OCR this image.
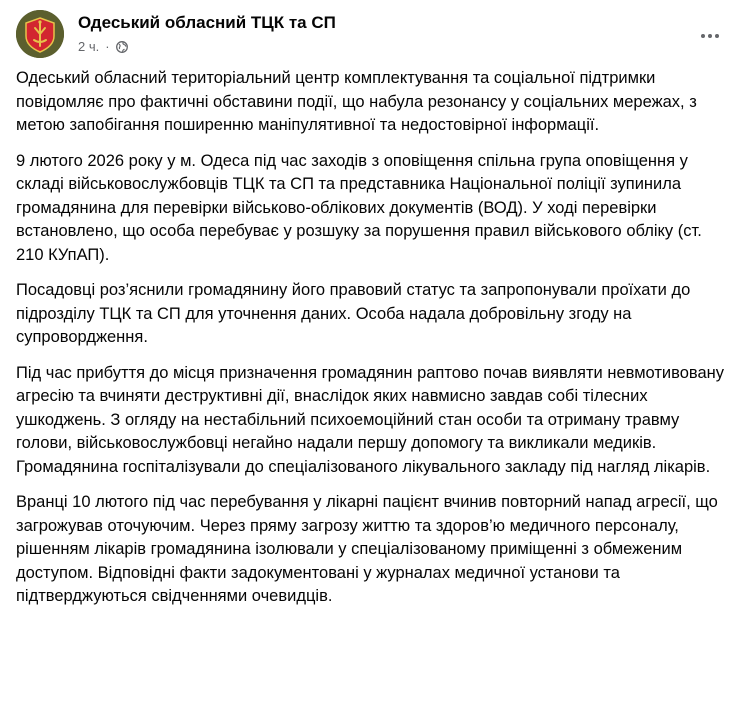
Одеський обласний ТЦК та СП
2 ч. ·

Одеський обласний територіальний центр комплектування та соціальної підтримки повідомляє про фактичні обставини події, що набула резонансу у соціальних мережах, з метою запобігання поширенню маніпулятивної та недостовірної інформації.

9 лютого 2026 року у м. Одеса під час заходів з оповіщення спільна група оповіщення у складі військовослужбовців ТЦК та СП та представника Національної поліції зупинила громадянина для перевірки військово-облікових документів (ВОД). У ході перевірки встановлено, що особа перебуває у розшуку за порушення правил військового обліку (ст. 210 КУпАП).

Посадовці роз’яснили громадянину його правовий статус та запропонували проїхати до підрозділу ТЦК та СП для уточнення даних. Особа надала добровільну згоду на супровордження.

Під час прибуття до місця призначення громадянин раптово почав виявляти невмотивовану агресію та вчиняти деструктивні дії, внаслідок яких навмисно завдав собі тілесних ушкоджень. З огляду на нестабільний психоемоційний стан особи та отриману травму голови, військовослужбовці негайно надали першу допомогу та викликали медиків. Громадянина госпіталізували до спеціалізованого лікувального закладу під нагляд лікарів.

Вранці 10 лютого під час перебування у лікарні пацієнт вчинив повторний напад агресії, що загрожував оточуючим. Через пряму загрозу життю та здоров’ю медичного персоналу, рішенням лікарів громадянина ізолювали у спеціалізованому приміщенні з обмеженим доступом. Відповідні факти задокументовані у журналах медичної установи та підтверджуються свідченнями очевидців.
